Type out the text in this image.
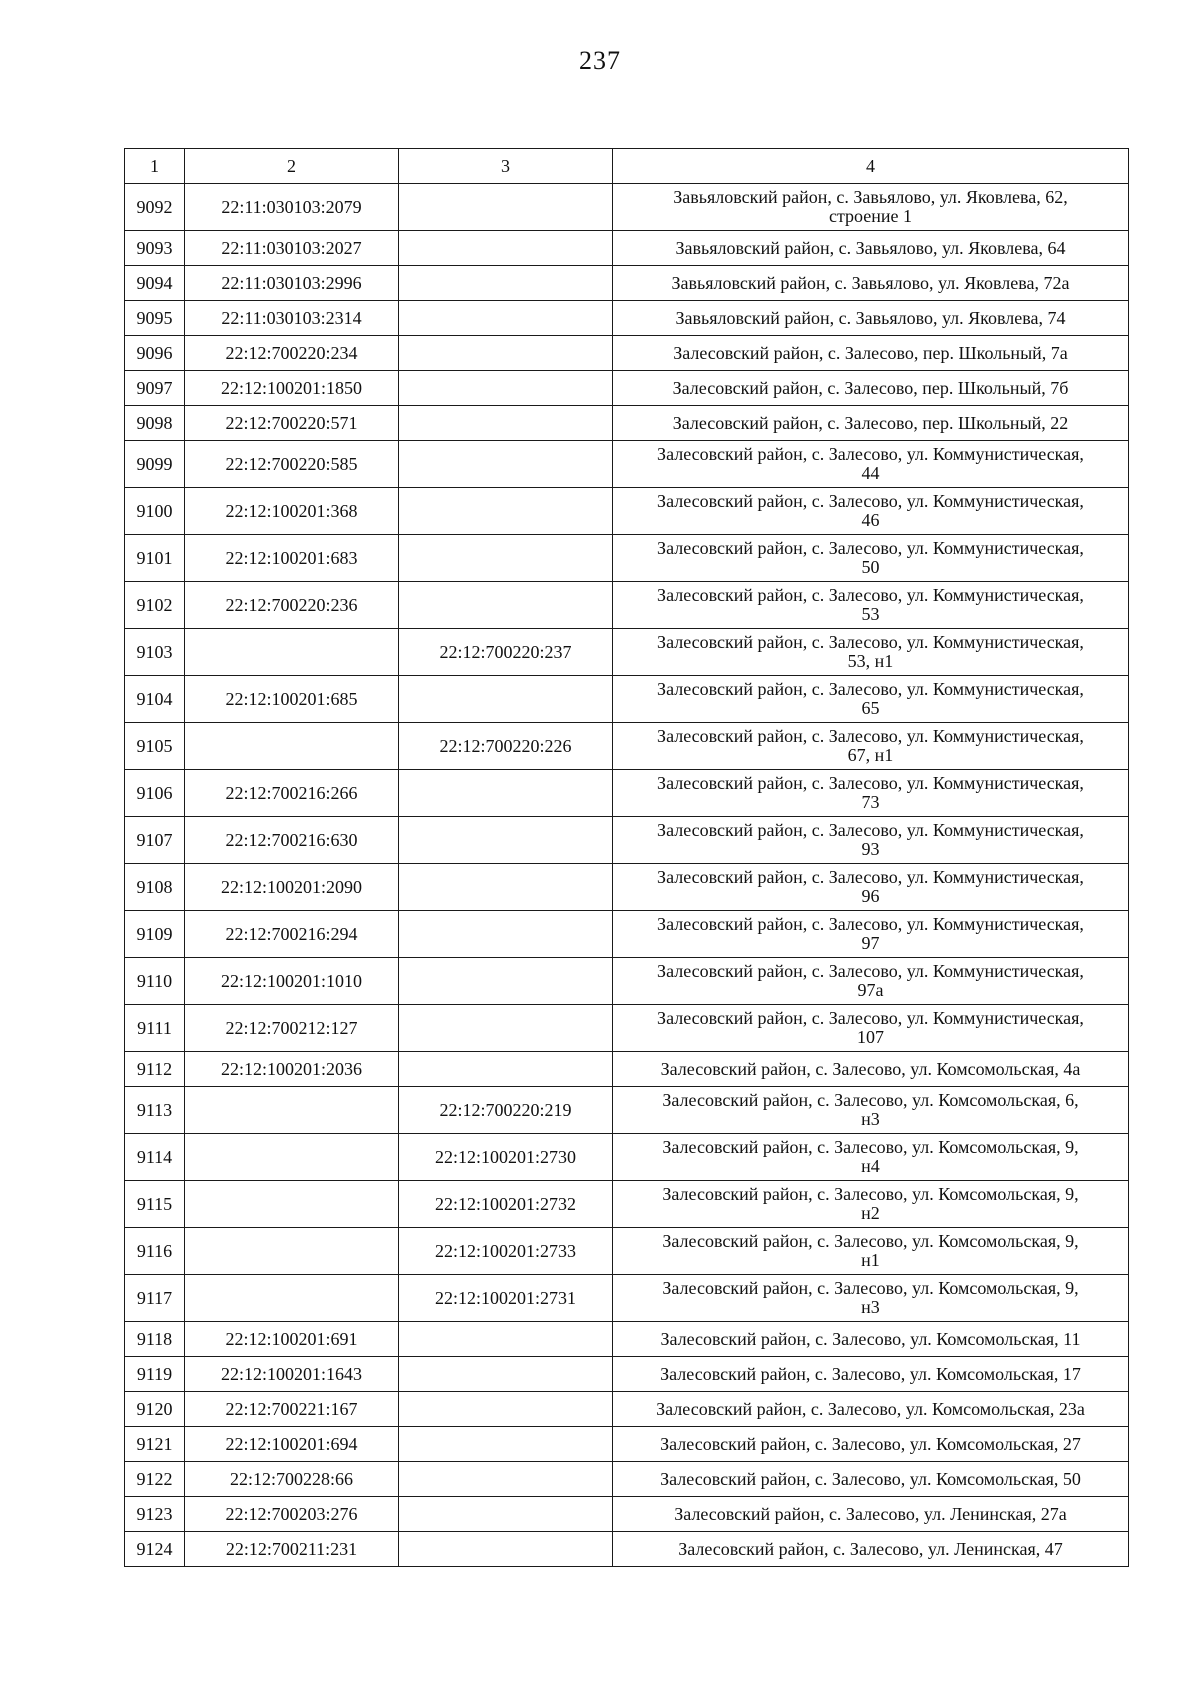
237
1	2	3	4
9092	22:11:030103:2079		Завьяловский район, с. Завьялово, ул. Яковлева, 62,
строение 1
9093	22:11:030103:2027		Завьяловский район, с. Завьялово, ул. Яковлева, 64
9094	22:11:030103:2996		Завьяловский район, с. Завьялово, ул. Яковлева, 72а
9095	22:11:030103:2314		Завьяловский район, с. Завьялово, ул. Яковлева, 74
9096	22:12:700220:234		Залесовский район, с. Залесово, пер. Школьный, 7а
9097	22:12:100201:1850		Залесовский район, с. Залесово, пер. Школьный, 7б
9098	22:12:700220:571		Залесовский район, с. Залесово, пер. Школьный, 22
9099	22:12:700220:585		Залесовский район, с. Залесово, ул. Коммунистическая,
44
9100	22:12:100201:368		Залесовский район, с. Залесово, ул. Коммунистическая,
46
9101	22:12:100201:683		Залесовский район, с. Залесово, ул. Коммунистическая,
50
9102	22:12:700220:236		Залесовский район, с. Залесово, ул. Коммунистическая,
53
9103		22:12:700220:237	Залесовский район, с. Залесово, ул. Коммунистическая,
53, н1
9104	22:12:100201:685		Залесовский район, с. Залесово, ул. Коммунистическая,
65
9105		22:12:700220:226	Залесовский район, с. Залесово, ул. Коммунистическая,
67, н1
9106	22:12:700216:266		Залесовский район, с. Залесово, ул. Коммунистическая,
73
9107	22:12:700216:630		Залесовский район, с. Залесово, ул. Коммунистическая,
93
9108	22:12:100201:2090		Залесовский район, с. Залесово, ул. Коммунистическая,
96
9109	22:12:700216:294		Залесовский район, с. Залесово, ул. Коммунистическая,
97
9110	22:12:100201:1010		Залесовский район, с. Залесово, ул. Коммунистическая,
97а
9111	22:12:700212:127		Залесовский район, с. Залесово, ул. Коммунистическая,
107
9112	22:12:100201:2036		Залесовский район, с. Залесово, ул. Комсомольская, 4а
9113		22:12:700220:219	Залесовский район, с. Залесово, ул. Комсомольская, 6,
н3
9114		22:12:100201:2730	Залесовский район, с. Залесово, ул. Комсомольская, 9,
н4
9115		22:12:100201:2732	Залесовский район, с. Залесово, ул. Комсомольская, 9,
н2
9116		22:12:100201:2733	Залесовский район, с. Залесово, ул. Комсомольская, 9,
н1
9117		22:12:100201:2731	Залесовский район, с. Залесово, ул. Комсомольская, 9,
н3
9118	22:12:100201:691		Залесовский район, с. Залесово, ул. Комсомольская, 11
9119	22:12:100201:1643		Залесовский район, с. Залесово, ул. Комсомольская, 17
9120	22:12:700221:167		Залесовский район, с. Залесово, ул. Комсомольская, 23а
9121	22:12:100201:694		Залесовский район, с. Залесово, ул. Комсомольская, 27
9122	22:12:700228:66		Залесовский район, с. Залесово, ул. Комсомольская, 50
9123	22:12:700203:276		Залесовский район, с. Залесово, ул. Ленинская, 27а
9124	22:12:700211:231		Залесовский район, с. Залесово, ул. Ленинская, 47
